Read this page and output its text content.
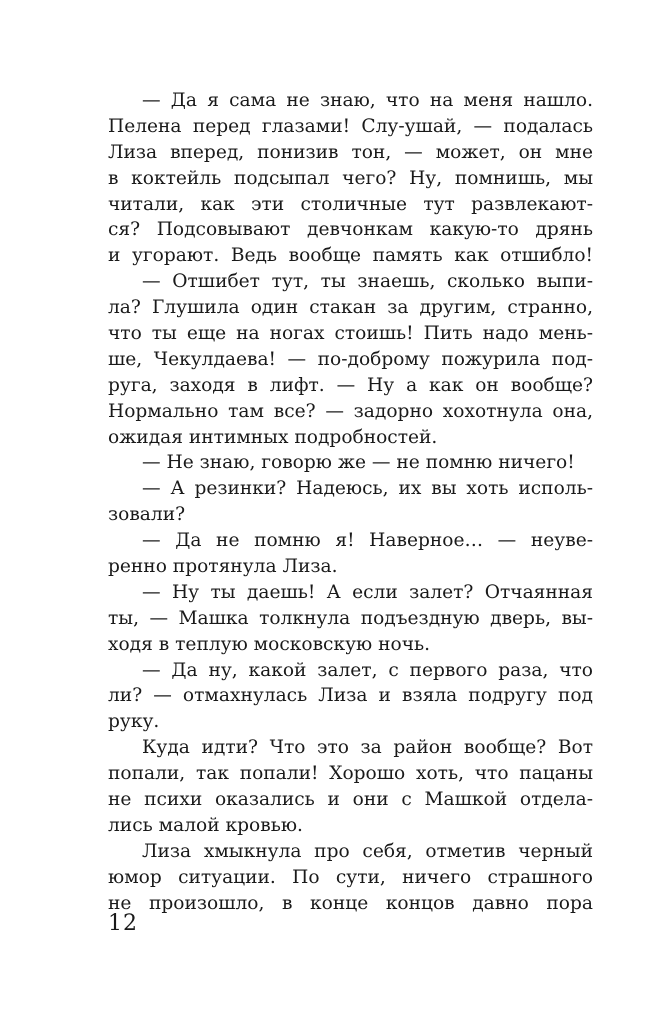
— Да я сама не знаю, что на меня нашло.
Пелена перед глазами! Слу-ушай, — подалась
Лиза вперед, понизив тон, — может, он мне
в коктейль подсыпал чего? Ну, помнишь, мы
читали, как эти столичные тут развлекают-
ся? Подсовывают девчонкам какую-то дрянь
и угорают. Ведь вообще память как отшибло!
— Отшибет тут, ты знаешь, сколько выпи-
ла? Глушила один стакан за другим, странно,
что ты еще на ногах стоишь! Пить надо мень-
ше, Чекулдаева! — по-доброму пожурила под-
руга, заходя в лифт. — Ну а как он вообще?
Нормально там все? — задорно хохотнула она,
ожидая интимных подробностей.
— Не знаю, говорю же — не помню ничего!
— А резинки? Надеюсь, их вы хоть исполь-
зовали?
— Да не помню я! Наверное… — неуве-
ренно протянула Лиза.
— Ну ты даешь! А если залет? Отчаянная
ты, — Машка толкнула подъездную дверь, вы-
ходя в теплую московскую ночь.
— Да ну, какой залет, с первого раза, что
ли? — отмахнулась Лиза и взяла подругу под
руку.
Куда идти? Что это за район вообще? Вот
попали, так попали! Хорошо хоть, что пацаны
не психи оказались и они с Машкой отдела-
лись малой кровью.
Лиза хмыкнула про себя, отметив черный
юмор ситуации. По сути, ничего страшного
не произошло, в конце концов давно пора
12
